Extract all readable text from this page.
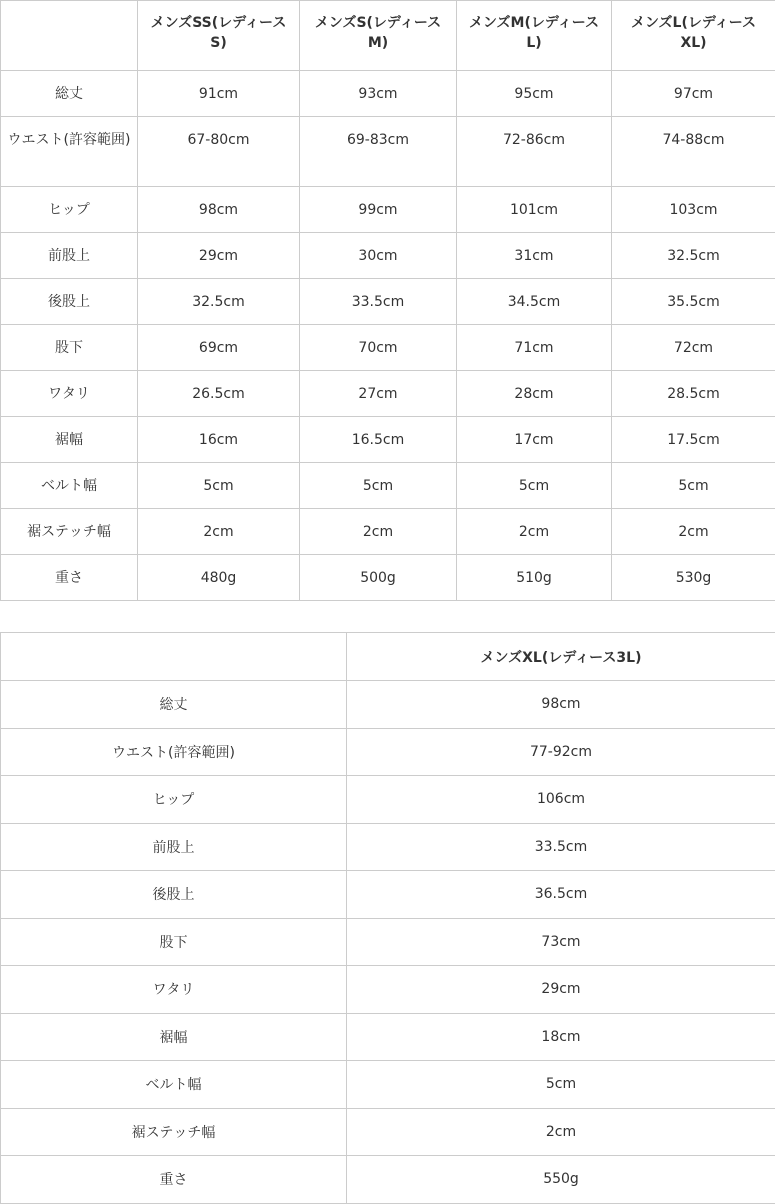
	メンズSS(レディースS)	メンズS(レディースM)	メンズM(レディースL)	メンズL(レディースXL)
総丈	91cm	93cm	95cm	97cm
ウエスト(許容範囲)	67-80cm	69-83cm	72-86cm	74-88cm
ヒップ	98cm	99cm	101cm	103cm
前股上	29cm	30cm	31cm	32.5cm
後股上	32.5cm	33.5cm	34.5cm	35.5cm
股下	69cm	70cm	71cm	72cm
ワタリ	26.5cm	27cm	28cm	28.5cm
裾幅	16cm	16.5cm	17cm	17.5cm
ベルト幅	5cm	5cm	5cm	5cm
裾ステッチ幅	2cm	2cm	2cm	2cm
重さ	480g	500g	510g	530g
	メンズXL(レディース3L)
総丈	98cm
ウエスト(許容範囲)	77-92cm
ヒップ	106cm
前股上	33.5cm
後股上	36.5cm
股下	73cm
ワタリ	29cm
裾幅	18cm
ベルト幅	5cm
裾ステッチ幅	2cm
重さ	550g
